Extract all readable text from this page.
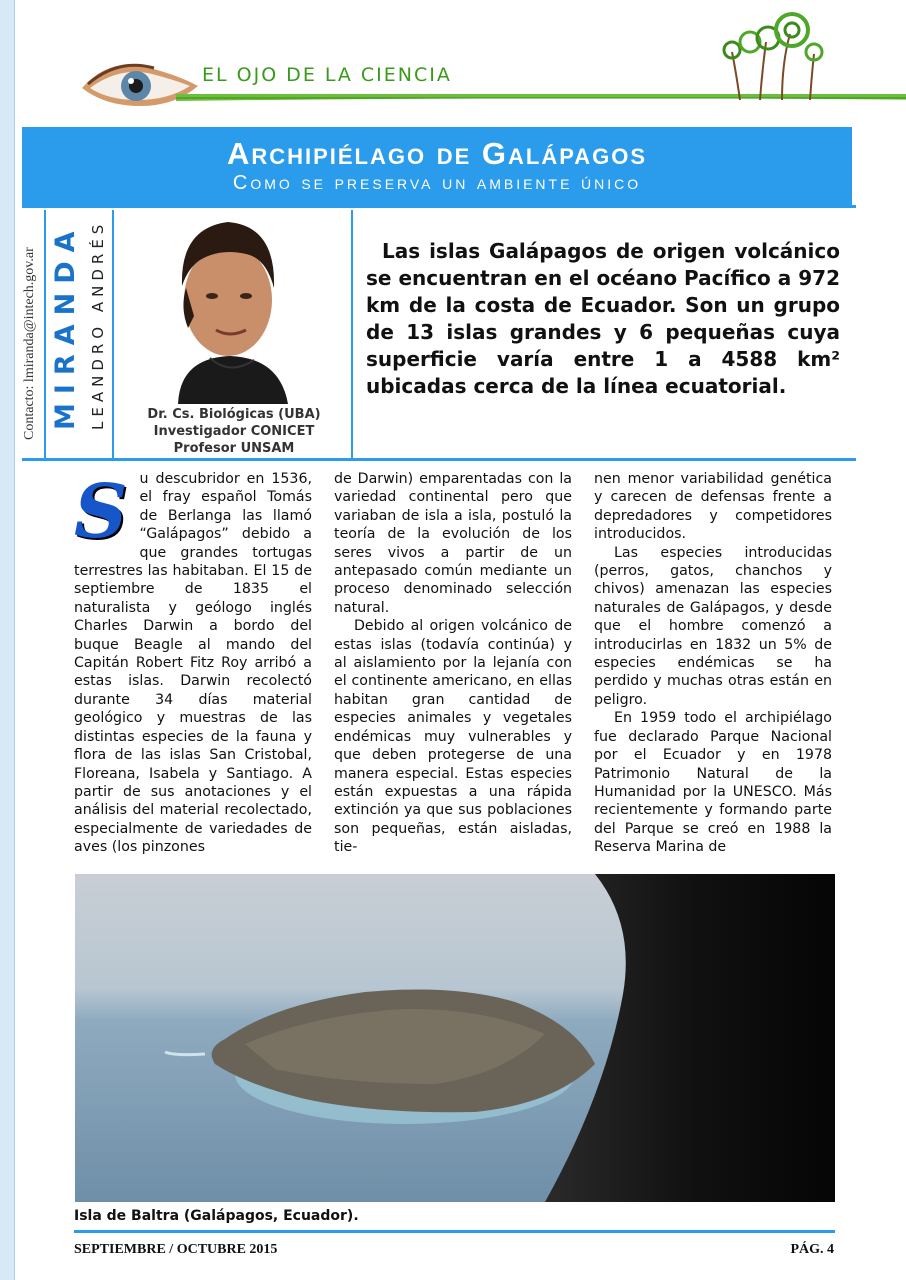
EL OJO DE LA CIENCIA
Archipiélago de Galápagos
Como se preserva un ambiente único
Contacto: lmiranda@intech.gov.ar MIRANDA LEANDRO ANDRÉS	Dr. Cs. Biológicas (UBA)
Investigador CONICET
Profesor UNSAM
Las islas Galápagos de origen volcánico se encuentran en el océano Pacífico a 972 km de la costa de Ecuador. Son un grupo de 13 islas grandes y 6 pequeñas cuya superficie varía entre 1 a 4588 km² ubicadas cerca de la línea ecuatorial.
S u descubridor en 1536, el fray español Tomás de Berlanga las llamó “Galápagos” debido a que grandes tortugas terrestres las habitaban. El 15 de septiembre de 1835 el naturalista y geólogo inglés Charles Darwin a bordo del buque Beagle al mando del Capitán Robert Fitz Roy arribó a estas islas. Darwin recolectó durante 34 días material geológico y muestras de las distintas especies de la fauna y flora de las islas San Cristobal, Floreana, Isabela y Santiago. A partir de sus anotaciones y el análisis del material recolectado, especialmente de variedades de aves (los pinzones

de Darwin) emparentadas con la variedad continental pero que variaban de isla a isla, postuló la teoría de la evolución de los seres vivos a partir de un antepasado común mediante un proceso denominado selección natural.

Debido al origen volcánico de estas islas (todavía continúa) y al aislamiento por la lejanía con el continente americano, en ellas habitan gran cantidad de especies animales y vegetales endémicas muy vulnerables y que deben protegerse de una manera especial. Estas especies están expuestas a una rápida extinción ya que sus poblaciones son pequeñas, están aisladas, tie-

nen menor variabilidad genética y carecen de defensas frente a depredadores y competidores introducidos.

Las especies introducidas (perros, gatos, chanchos y chivos) amenazan las especies naturales de Galápagos, y desde que el hombre comenzó a introducirlas en 1832 un 5% de especies endémicas se ha perdido y muchas otras están en peligro.

En 1959 todo el archipiélago fue declarado Parque Nacional por el Ecuador y en 1978 Patrimonio Natural de la Humanidad por la UNESCO. Más recientemente y formando parte del Parque se creó en 1988 la Reserva Marina de

Isla de Baltra (Galápagos, Ecuador).
SEPTIEMBRE / OCTUBRE 2015	PÁG. 4
